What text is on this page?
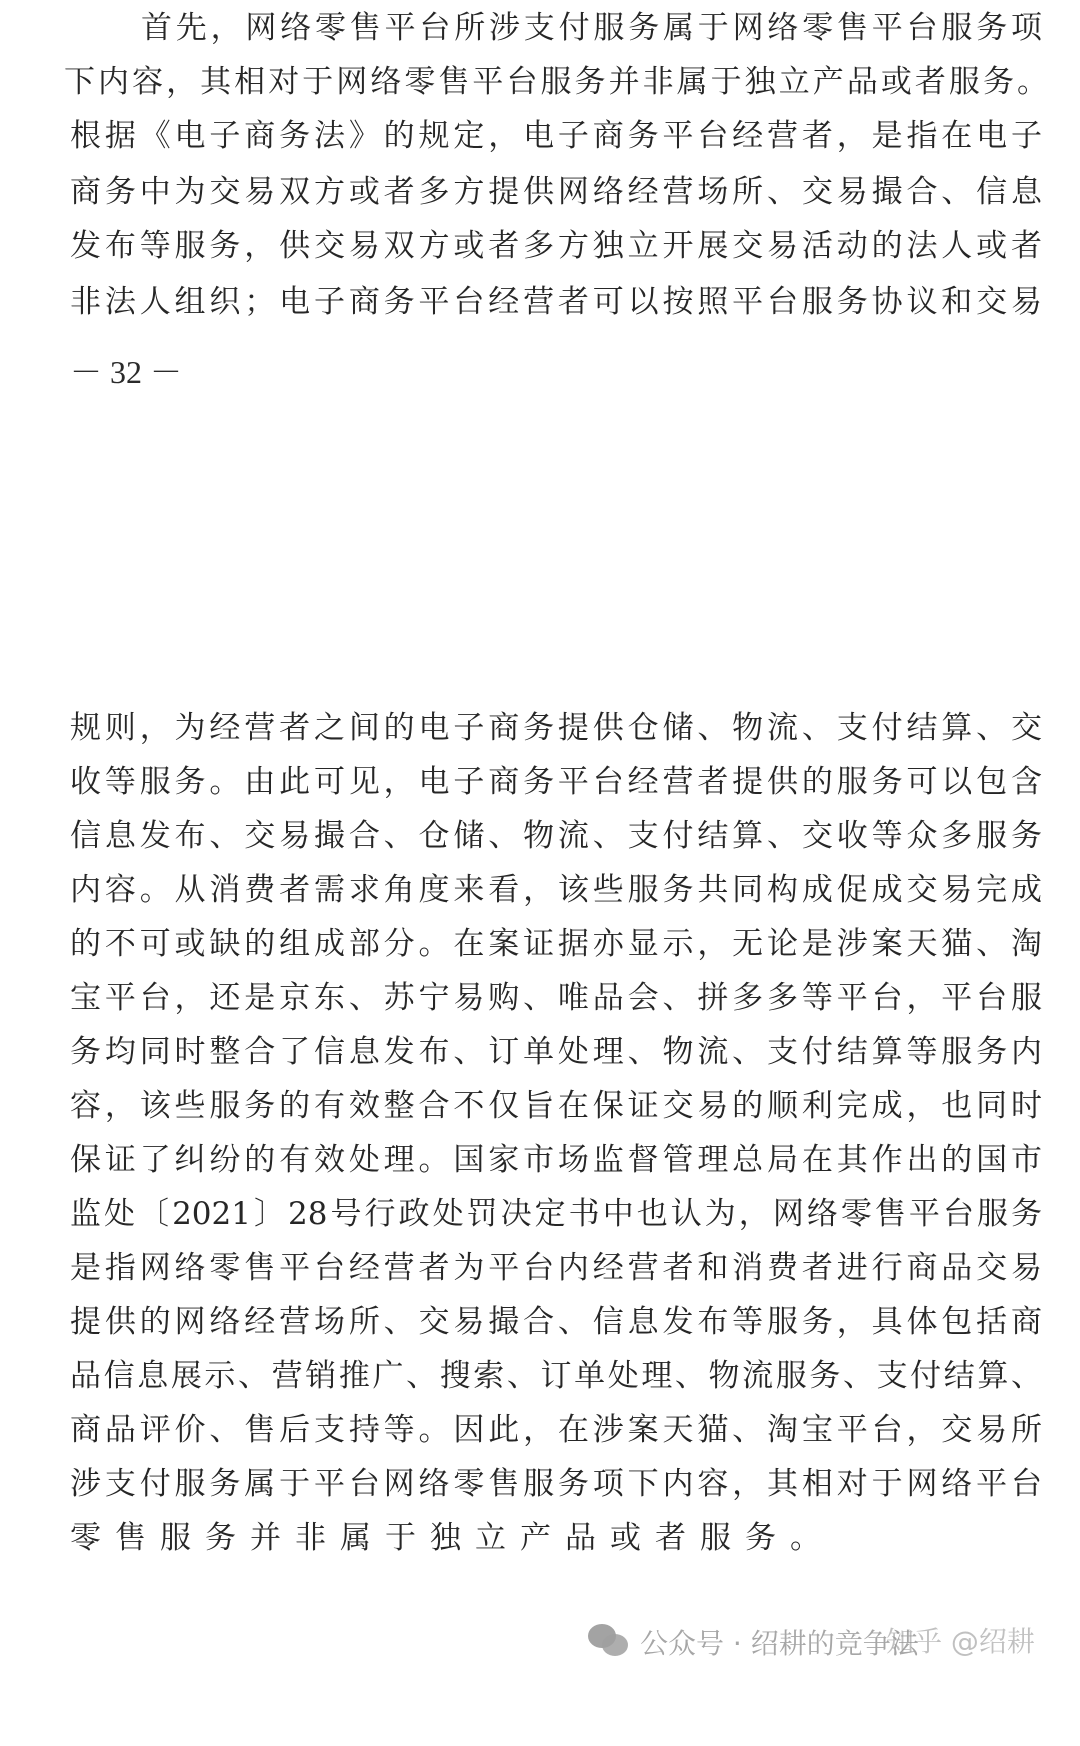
首先，网络零售平台所涉支付服务属于网络零售平台服务项
下内容，其相对于网络零售平台服务并非属于独立产品或者服务。
根据《电子商务法》的规定，电子商务平台经营者，是指在电子
商务中为交易双方或者多方提供网络经营场所、交易撮合、信息
发布等服务，供交易双方或者多方独立开展交易活动的法人或者
非法人组织；电子商务平台经营者可以按照平台服务协议和交易
－ 32 －
规则，为经营者之间的电子商务提供仓储、物流、支付结算、交
收等服务。由此可见，电子商务平台经营者提供的服务可以包含
信息发布、交易撮合、仓储、物流、支付结算、交收等众多服务
内容。从消费者需求角度来看，该些服务共同构成促成交易完成
的不可或缺的组成部分。在案证据亦显示，无论是涉案天猫、淘
宝平台，还是京东、苏宁易购、唯品会、拼多多等平台，平台服
务均同时整合了信息发布、订单处理、物流、支付结算等服务内
容，该些服务的有效整合不仅旨在保证交易的顺利完成，也同时
保证了纠纷的有效处理。国家市场监督管理总局在其作出的国市
监处〔2021〕28号行政处罚决定书中也认为，网络零售平台服务
是指网络零售平台经营者为平台内经营者和消费者进行商品交易
提供的网络经营场所、交易撮合、信息发布等服务，具体包括商
品信息展示、营销推广、搜索、订单处理、物流服务、支付结算、
商品评价、售后支持等。因此，在涉案天猫、淘宝平台，交易所
涉支付服务属于平台网络零售服务项下内容，其相对于网络平台
零售服务并非属于独立产品或者服务。
公众号 · 绍耕的竞争法
知乎 @绍耕
